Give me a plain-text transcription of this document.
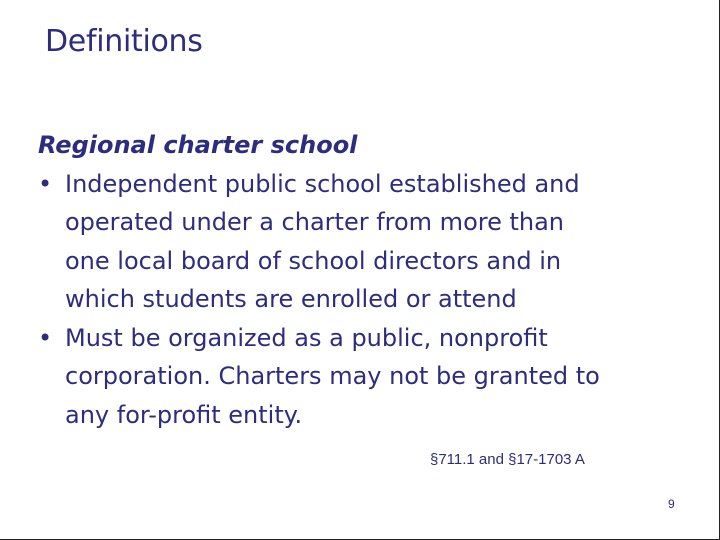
Definitions
Regional charter school
• Independent public school established and
operated under a charter from more than
one local board of school directors and in
which students are enrolled or attend
• Must be organized as a public, nonprofit
corporation. Charters may not be granted to
any for-profit entity.
§711.1 and §17-1703 A
9
